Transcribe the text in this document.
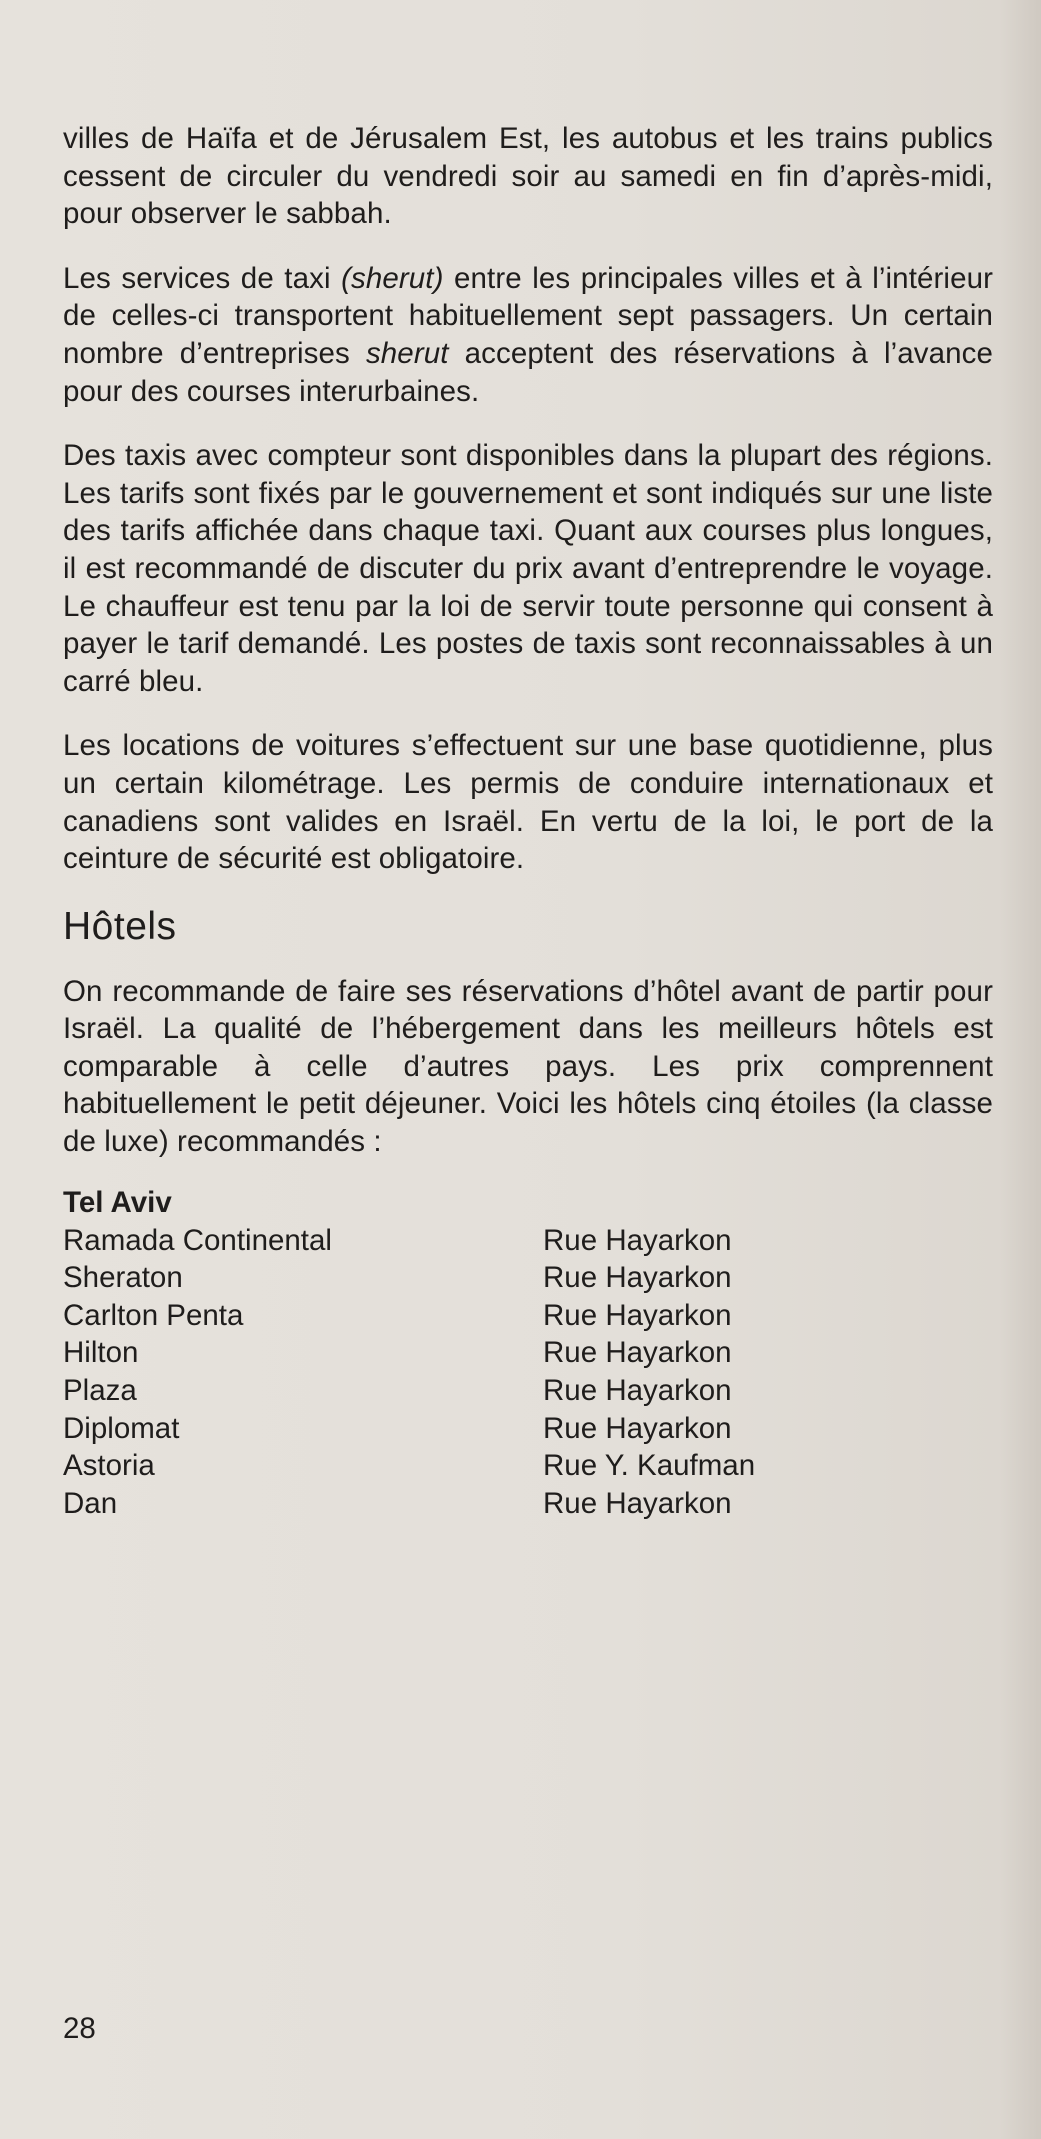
villes de Haïfa et de Jérusalem Est, les autobus et les trains publics cessent de circuler du vendredi soir au samedi en fin d’après-midi, pour observer le sabbah.

Les services de taxi (sherut) entre les principales villes et à l’intérieur de celles-ci transportent habituellement sept passagers. Un certain nombre d’entreprises sherut acceptent des réservations à l’avance pour des courses interurbaines.

Des taxis avec compteur sont disponibles dans la plupart des régions. Les tarifs sont fixés par le gouvernement et sont indiqués sur une liste des tarifs affichée dans chaque taxi. Quant aux courses plus longues, il est recommandé de discuter du prix avant d’entreprendre le voyage. Le chauffeur est tenu par la loi de servir toute personne qui consent à payer le tarif demandé. Les postes de taxis sont reconnaissables à un carré bleu.

Les locations de voitures s’effectuent sur une base quotidienne, plus un certain kilométrage. Les permis de conduire internationaux et canadiens sont valides en Israël. En vertu de la loi, le port de la ceinture de sécurité est obligatoire.

Hôtels

On recommande de faire ses réservations d’hôtel avant de partir pour Israël. La qualité de l’hébergement dans les meilleurs hôtels est comparable à celle d’autres pays. Les prix comprennent habituellement le petit déjeuner. Voici les hôtels cinq étoiles (la classe de luxe) recommandés :

Tel Aviv
Ramada Continental	Rue Hayarkon
Sheraton	Rue Hayarkon
Carlton Penta	Rue Hayarkon
Hilton	Rue Hayarkon
Plaza	Rue Hayarkon
Diplomat	Rue Hayarkon
Astoria	Rue Y. Kaufman
Dan	Rue Hayarkon
28
